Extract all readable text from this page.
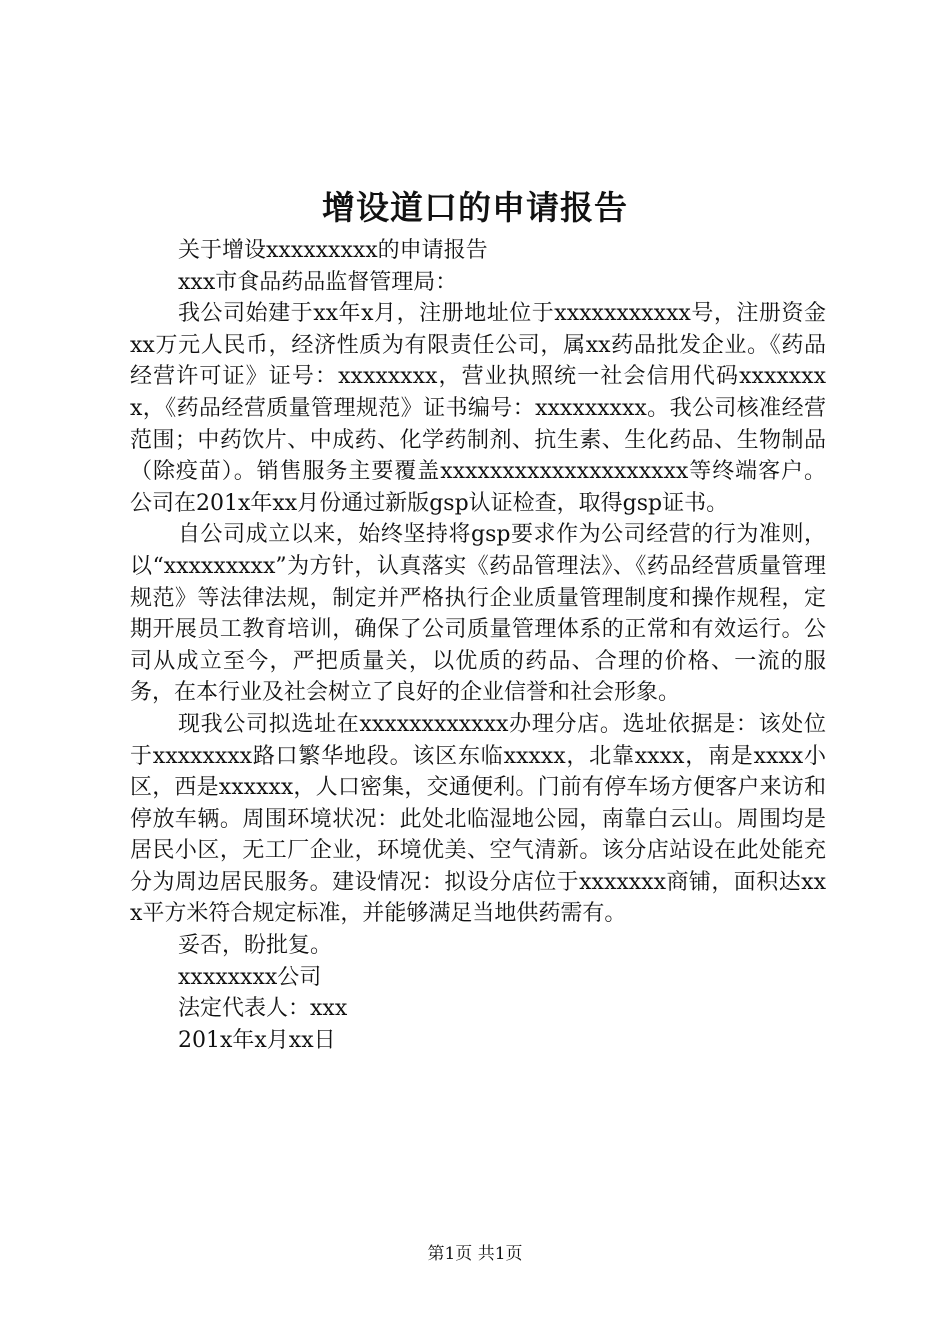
增设道口的申请报告

关于增设xxxxxxxxx的申请报告

xxx市食品药品监督管理局：

我公司始建于xx年x月，注册地址位于xxxxxxxxxxx号，注册资金xx万元人民币，经济性质为有限责任公司，属xx药品批发企业。《药品经营许可证》证号：xxxxxxxx，营业执照统一社会信用代码xxxxxxxx，《药品经营质量管理规范》证书编号：xxxxxxxxx。我公司核准经营范围；中药饮片、中成药、化学药制剂、抗生素、生化药品、生物制品（除疫苗）。销售服务主要覆盖xxxxxxxxxxxxxxxxxxxx等终端客户。公司在201x年xx月份通过新版gsp认证检查，取得gsp证书。

自公司成立以来，始终坚持将gsp要求作为公司经营的行为准则，以“xxxxxxxxx”为方针，认真落实《药品管理法》、《药品经营质量管理规范》等法律法规，制定并严格执行企业质量管理制度和操作规程，定期开展员工教育培训，确保了公司质量管理体系的正常和有效运行。公司从成立至今，严把质量关，以优质的药品、合理的价格、一流的服务，在本行业及社会树立了良好的企业信誉和社会形象。

现我公司拟选址在xxxxxxxxxxxx办理分店。选址依据是：该处位于xxxxxxxx路口繁华地段。该区东临xxxxx，北靠xxxx，南是xxxx小区，西是xxxxxx，人口密集，交通便利。门前有停车场方便客户来访和停放车辆。周围环境状况：此处北临湿地公园，南靠白云山。周围均是居民小区，无工厂企业，环境优美、空气清新。该分店站设在此处能充分为周边居民服务。建设情况：拟设分店位于xxxxxxx商铺，面积达xxx平方米符合规定标准，并能够满足当地供药需有。

妥否，盼批复。

xxxxxxxx公司

法定代表人：xxx

201x年x月xx日

第1页 共1页
